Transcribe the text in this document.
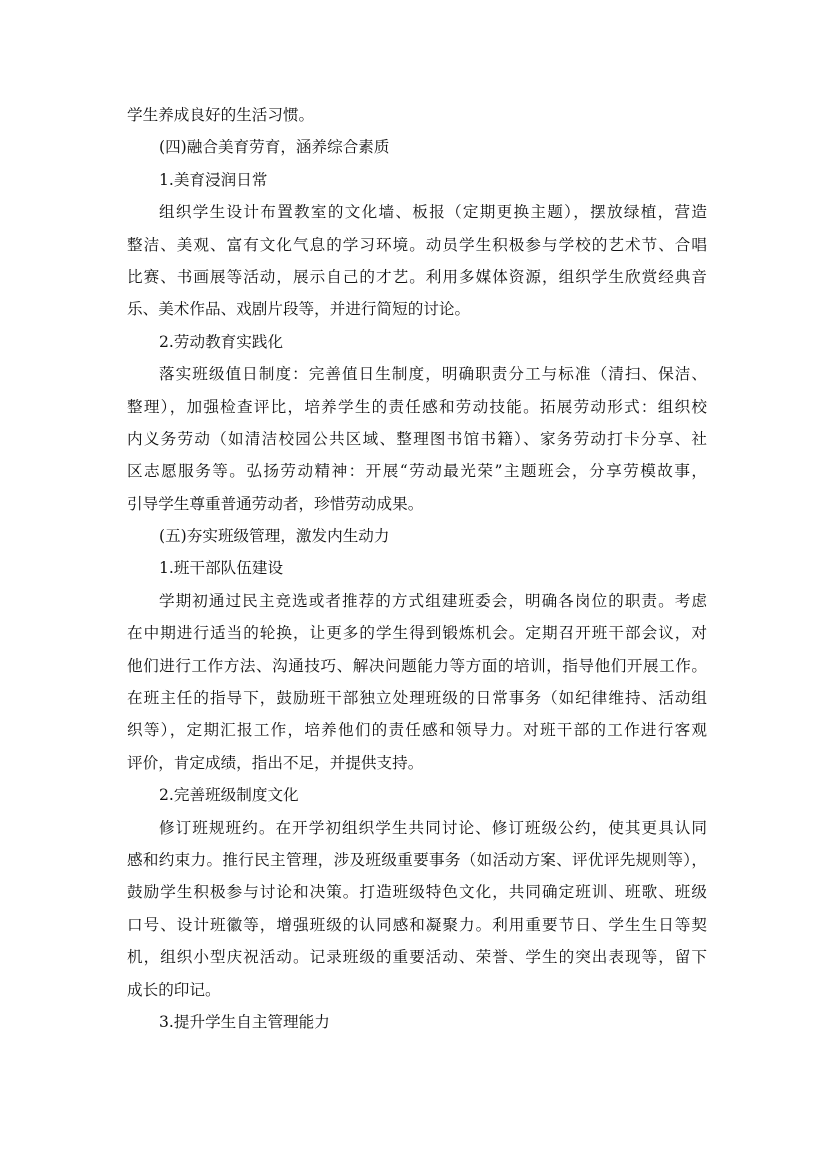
学生养成良好的生活习惯。
(四)融合美育劳育，涵养综合素质
1.美育浸润日常
组织学生设计布置教室的文化墙、板报（定期更换主题），摆放绿植，营造
整洁、美观、富有文化气息的学习环境。动员学生积极参与学校的艺术节、合唱
比赛、书画展等活动，展示自己的才艺。利用多媒体资源，组织学生欣赏经典音
乐、美术作品、戏剧片段等，并进行简短的讨论。
2.劳动教育实践化
落实班级值日制度：完善值日生制度，明确职责分工与标准（清扫、保洁、
整理），加强检查评比，培养学生的责任感和劳动技能。拓展劳动形式：组织校
内义务劳动（如清洁校园公共区域、整理图书馆书籍）、家务劳动打卡分享、社
区志愿服务等。弘扬劳动精神：开展“劳动最光荣”主题班会，分享劳模故事，
引导学生尊重普通劳动者，珍惜劳动成果。
(五)夯实班级管理，激发内生动力
1.班干部队伍建设
学期初通过民主竞选或者推荐的方式组建班委会，明确各岗位的职责。考虑
在中期进行适当的轮换，让更多的学生得到锻炼机会。定期召开班干部会议，对
他们进行工作方法、沟通技巧、解决问题能力等方面的培训，指导他们开展工作。
在班主任的指导下，鼓励班干部独立处理班级的日常事务（如纪律维持、活动组
织等），定期汇报工作，培养他们的责任感和领导力。对班干部的工作进行客观
评价，肯定成绩，指出不足，并提供支持。
2.完善班级制度文化
修订班规班约。在开学初组织学生共同讨论、修订班级公约，使其更具认同
感和约束力。推行民主管理，涉及班级重要事务（如活动方案、评优评先规则等），
鼓励学生积极参与讨论和决策。打造班级特色文化，共同确定班训、班歌、班级
口号、设计班徽等，增强班级的认同感和凝聚力。利用重要节日、学生生日等契
机，组织小型庆祝活动。记录班级的重要活动、荣誉、学生的突出表现等，留下
成长的印记。
3.提升学生自主管理能力
